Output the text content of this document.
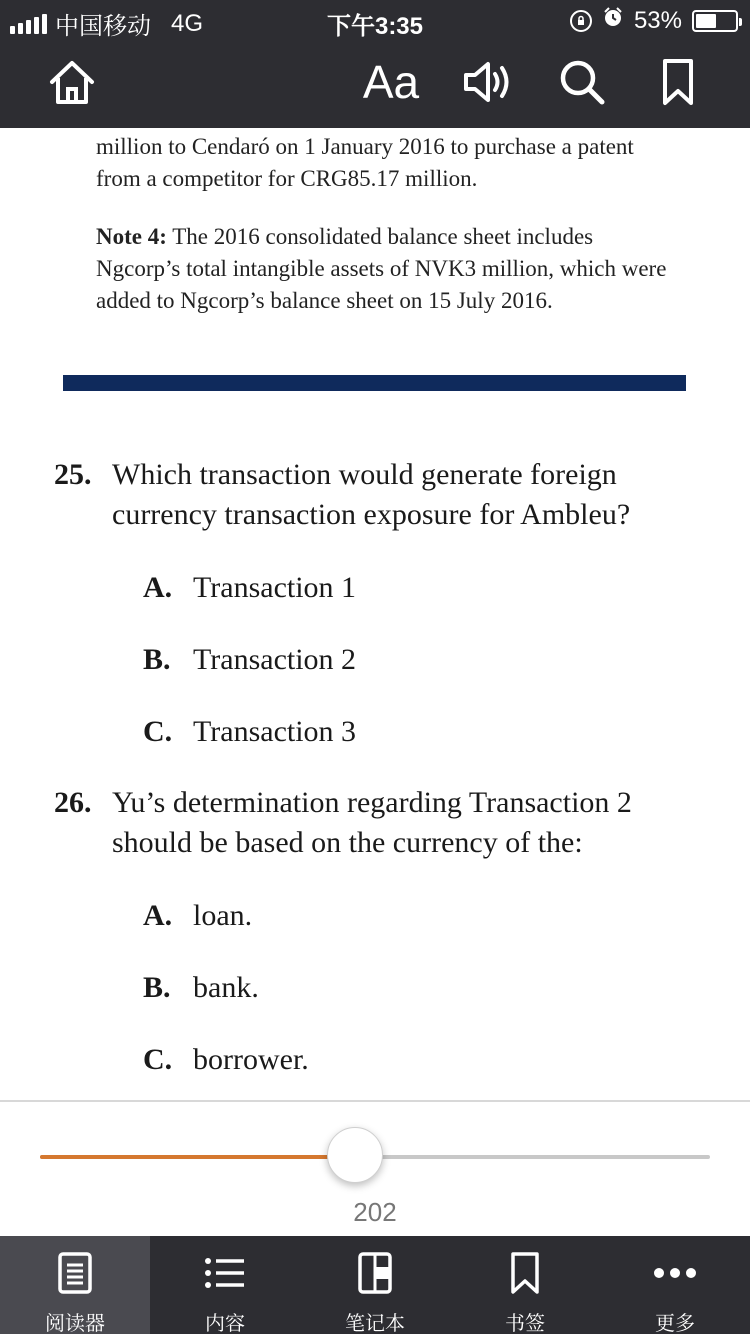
中国移动 4G	下午3:35	53%
Aa

million to Cendaró on 1 January 2016 to purchase a patent from a competitor for CRG85.17 million.

Note 4: The 2016 consolidated balance sheet includes Ngcorp’s total intangible assets of NVK3 million, which were added to Ngcorp’s balance sheet on 15 July 2016.

25. Which transaction would generate foreign currency transaction exposure for Ambleu?
A. Transaction 1
B. Transaction 2
C. Transaction 3
26. Yu’s determination regarding Transaction 2 should be based on the currency of the:
A. loan.
B. bank.
C. borrower.
202
阅读器	内容	笔记本	书签	更多
